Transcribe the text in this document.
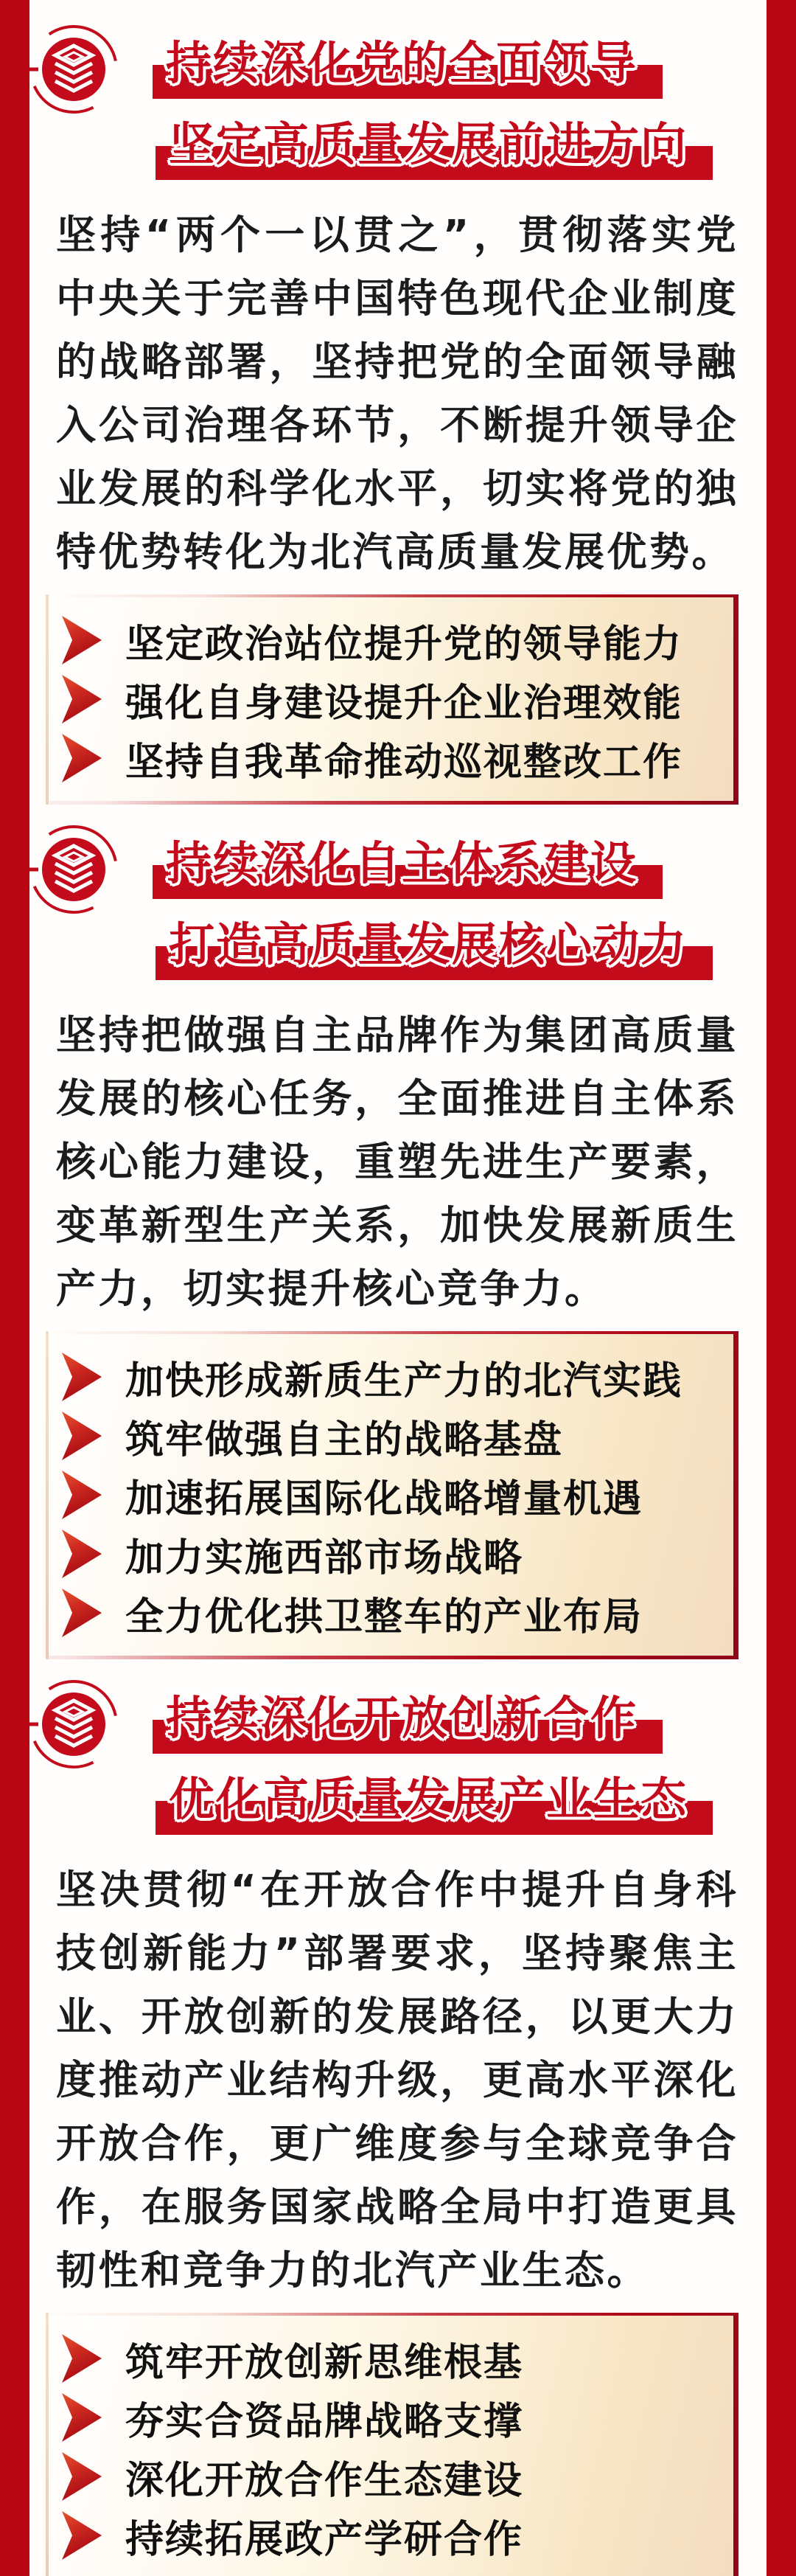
持续深化党的全面领导
坚定高质量发展前进方向

坚持“两个一以贯之”，贯彻落实党中央关于完善中国特色现代企业制度的战略部署，坚持把党的全面领导融入公司治理各环节，不断提升领导企业发展的科学化水平，切实将党的独特优势转化为北汽高质量发展优势。

坚定政治站位提升党的领导能力
强化自身建设提升企业治理效能
坚持自我革命推动巡视整改工作
持续深化自主体系建设
打造高质量发展核心动力

坚持把做强自主品牌作为集团高质量发展的核心任务，全面推进自主体系核心能力建设，重塑先进生产要素，变革新型生产关系，加快发展新质生产力，切实提升核心竞争力。

加快形成新质生产力的北汽实践
筑牢做强自主的战略基盘
加速拓展国际化战略增量机遇
加力实施西部市场战略
全力优化拱卫整车的产业布局
持续深化开放创新合作
优化高质量发展产业生态

坚决贯彻“在开放合作中提升自身科技创新能力”部署要求，坚持聚焦主业、开放创新的发展路径，以更大力度推动产业结构升级，更高水平深化开放合作，更广维度参与全球竞争合作，在服务国家战略全局中打造更具韧性和竞争力的北汽产业生态。

筑牢开放创新思维根基
夯实合资品牌战略支撑
深化开放合作生态建设
持续拓展政产学研合作
